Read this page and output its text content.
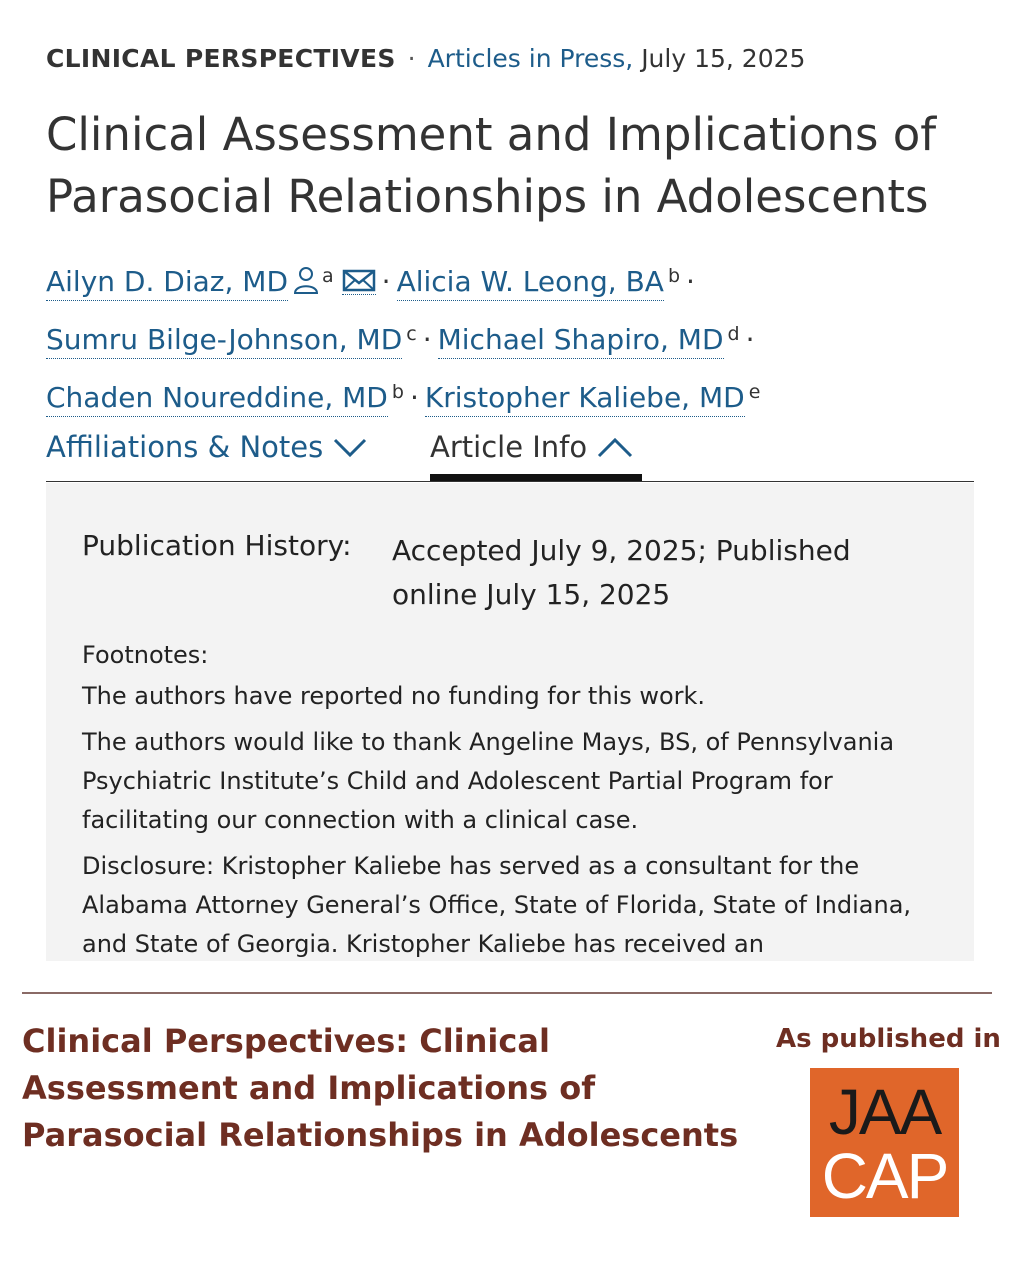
CLINICAL PERSPECTIVES · Articles in Press, July 15, 2025
Clinical Assessment and Implications of Parasocial Relationships in Adolescents
Ailyn D. Diaz, MD $^a$ · Alicia W. Leong, BA $^b$ ·
Sumru Bilge-Johnson, MD $^c$ · Michael Shapiro, MD $^d$ ·
Chaden Noureddine, MD $^b$ · Kristopher Kaliebe, MD $^e$
Affiliations & Notes	Article Info
Publication History: Accepted July 9, 2025; Published online July 15, 2025
Footnotes:
The authors have reported no funding for this work.
The authors would like to thank Angeline Mays, BS, of Pennsylvania Psychiatric Institute’s Child and Adolescent Partial Program for facilitating our connection with a clinical case.
Disclosure: Kristopher Kaliebe has served as a consultant for the Alabama Attorney General’s Office, State of Florida, State of Indiana, and State of Georgia. Kristopher Kaliebe has received an
Clinical Perspectives: Clinical Assessment and Implications of Parasocial Relationships in Adolescents
As published in
JAA
CAP
